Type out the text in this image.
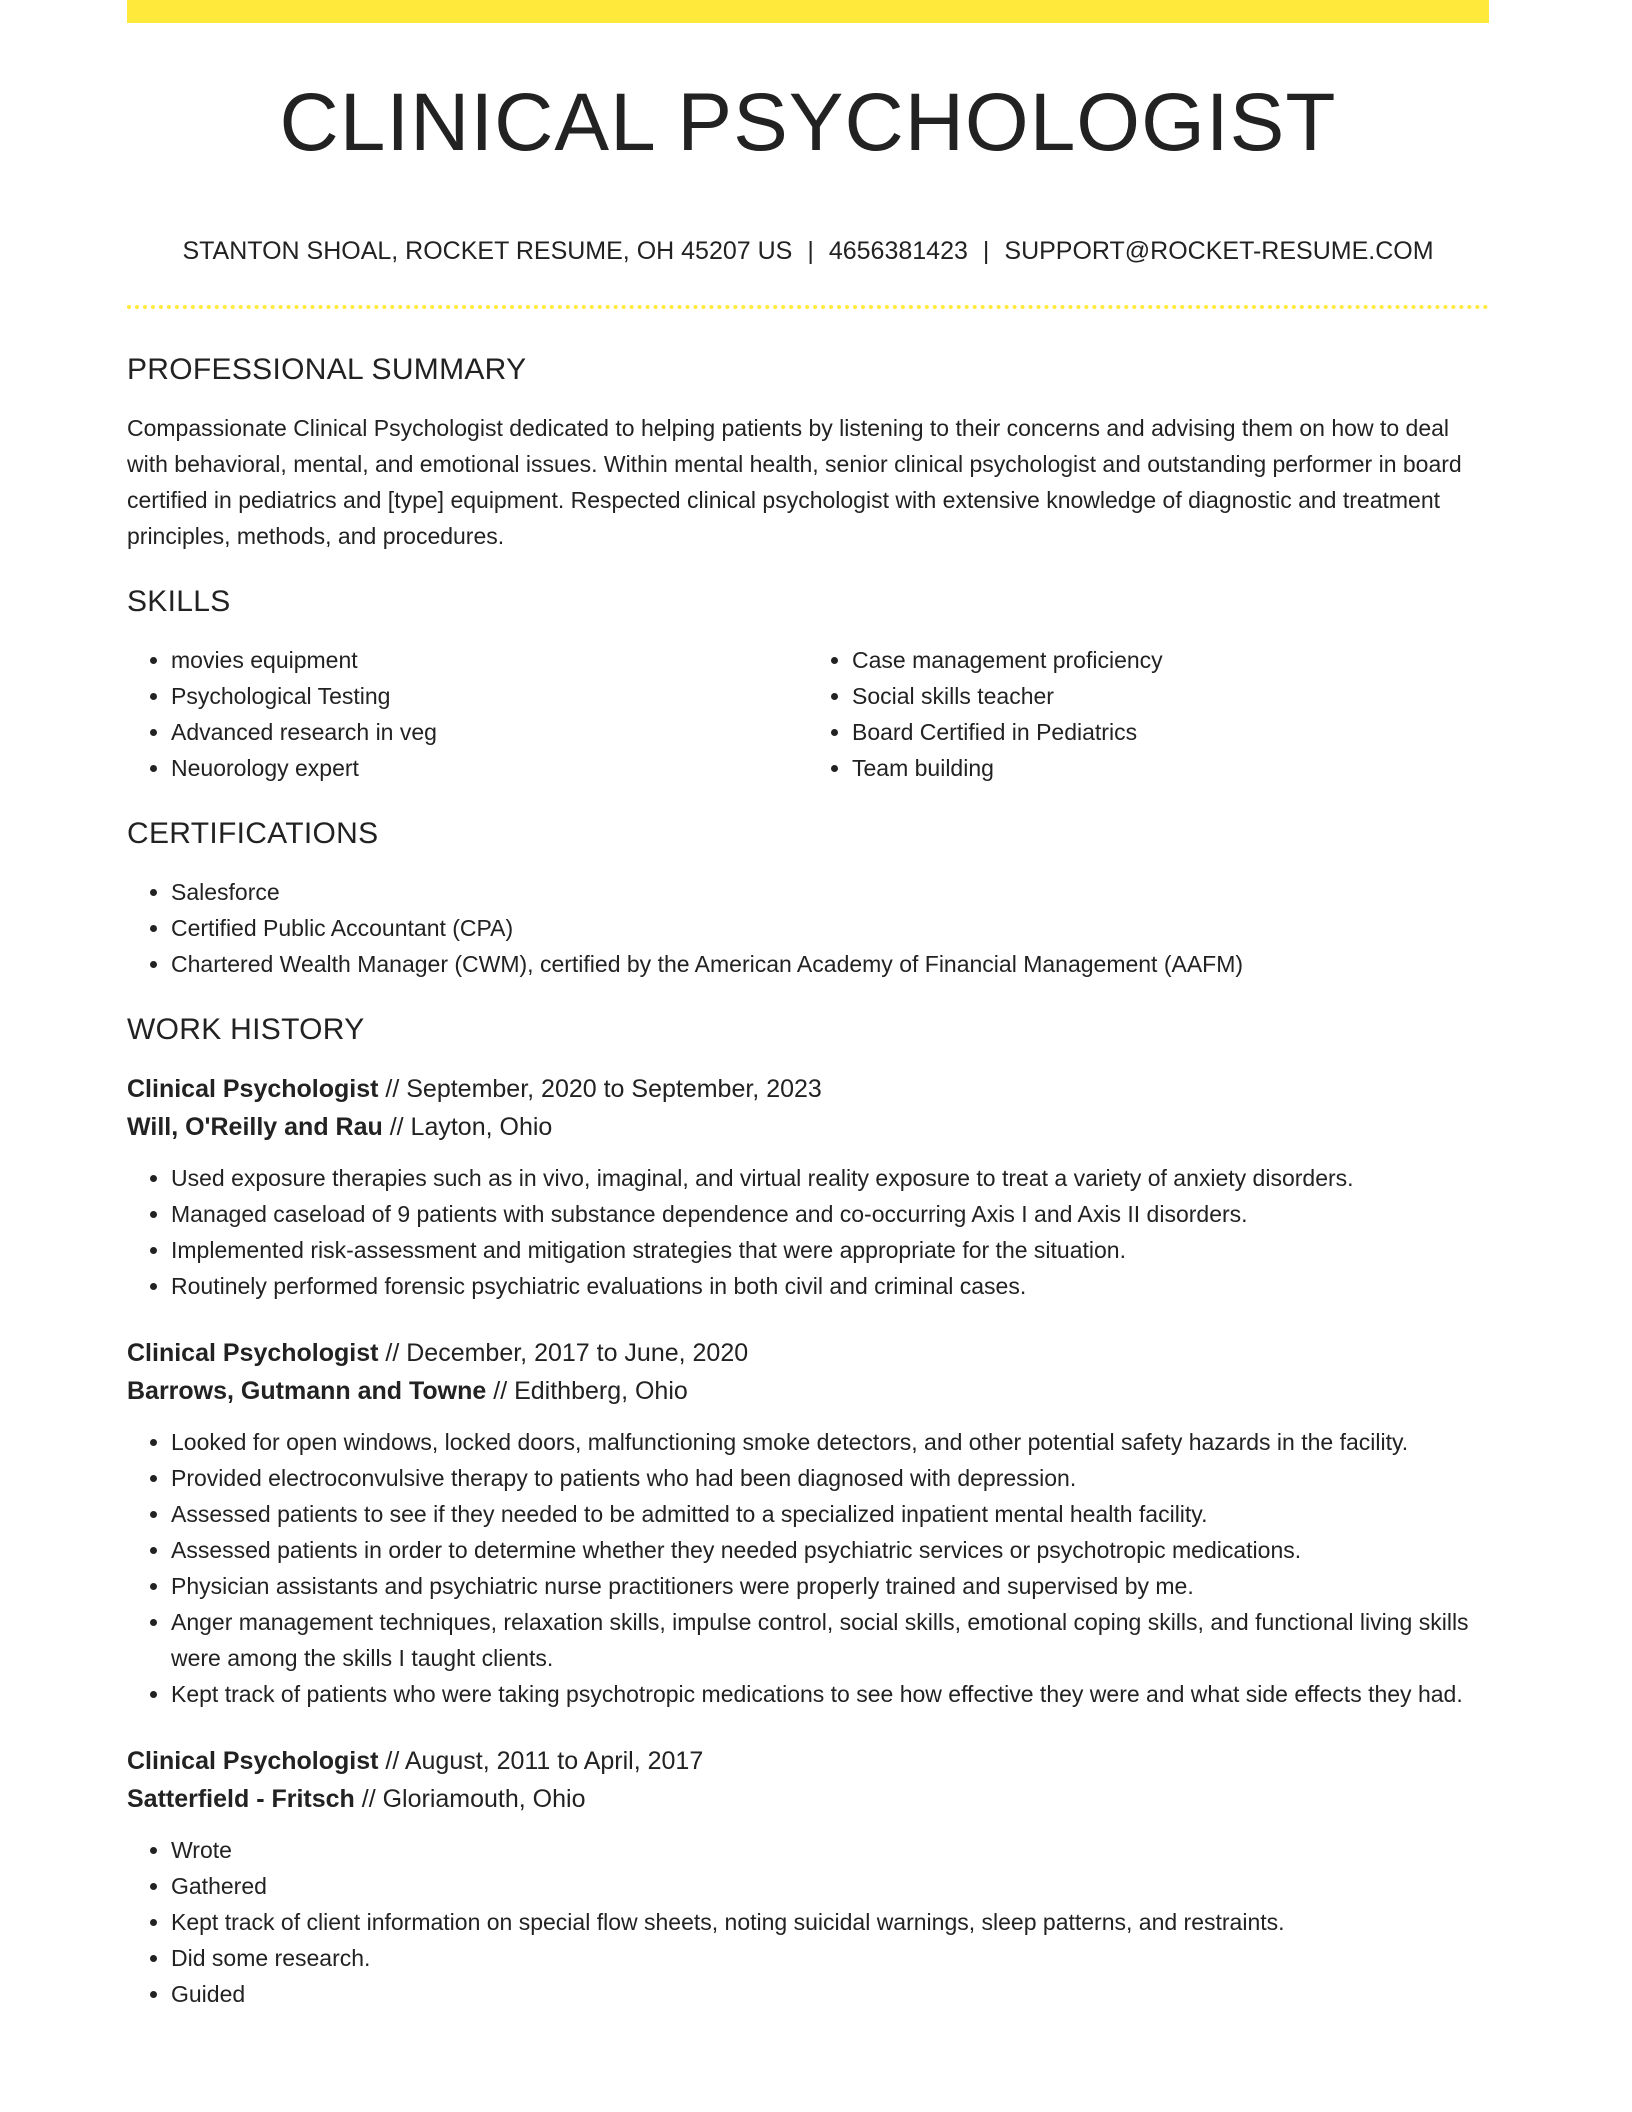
CLINICAL PSYCHOLOGIST
STANTON SHOAL, ROCKET RESUME, OH 45207 US | 4656381423 | SUPPORT@ROCKET-RESUME.COM
PROFESSIONAL SUMMARY

Compassionate Clinical Psychologist dedicated to helping patients by listening to their concerns and advising them on how to deal with behavioral, mental, and emotional issues. Within mental health, senior clinical psychologist and outstanding performer in board certified in pediatrics and [type] equipment. Respected clinical psychologist with extensive knowledge of diagnostic and treatment principles, methods, and procedures.

SKILLS
• movies equipment
• Psychological Testing
• Advanced research in veg
• Neuorology expert
• Case management proficiency
• Social skills teacher
• Board Certified in Pediatrics
• Team building
CERTIFICATIONS
• Salesforce
• Certified Public Accountant (CPA)
• Chartered Wealth Manager (CWM), certified by the American Academy of Financial Management (AAFM)
WORK HISTORY
Clinical Psychologist // September, 2020 to September, 2023
Will, O'Reilly and Rau // Layton, Ohio
• Used exposure therapies such as in vivo, imaginal, and virtual reality exposure to treat a variety of anxiety disorders.
• Managed caseload of 9 patients with substance dependence and co-occurring Axis I and Axis II disorders.
• Implemented risk-assessment and mitigation strategies that were appropriate for the situation.
• Routinely performed forensic psychiatric evaluations in both civil and criminal cases.
Clinical Psychologist // December, 2017 to June, 2020
Barrows, Gutmann and Towne // Edithberg, Ohio
• Looked for open windows, locked doors, malfunctioning smoke detectors, and other potential safety hazards in the facility.
• Provided electroconvulsive therapy to patients who had been diagnosed with depression.
• Assessed patients to see if they needed to be admitted to a specialized inpatient mental health facility.
• Assessed patients in order to determine whether they needed psychiatric services or psychotropic medications.
• Physician assistants and psychiatric nurse practitioners were properly trained and supervised by me.
• Anger management techniques, relaxation skills, impulse control, social skills, emotional coping skills, and functional living skills were among the skills I taught clients.
• Kept track of patients who were taking psychotropic medications to see how effective they were and what side effects they had.
Clinical Psychologist // August, 2011 to April, 2017
Satterfield - Fritsch // Gloriamouth, Ohio
• Wrote
• Gathered
• Kept track of client information on special flow sheets, noting suicidal warnings, sleep patterns, and restraints.
• Did some research.
• Guided
